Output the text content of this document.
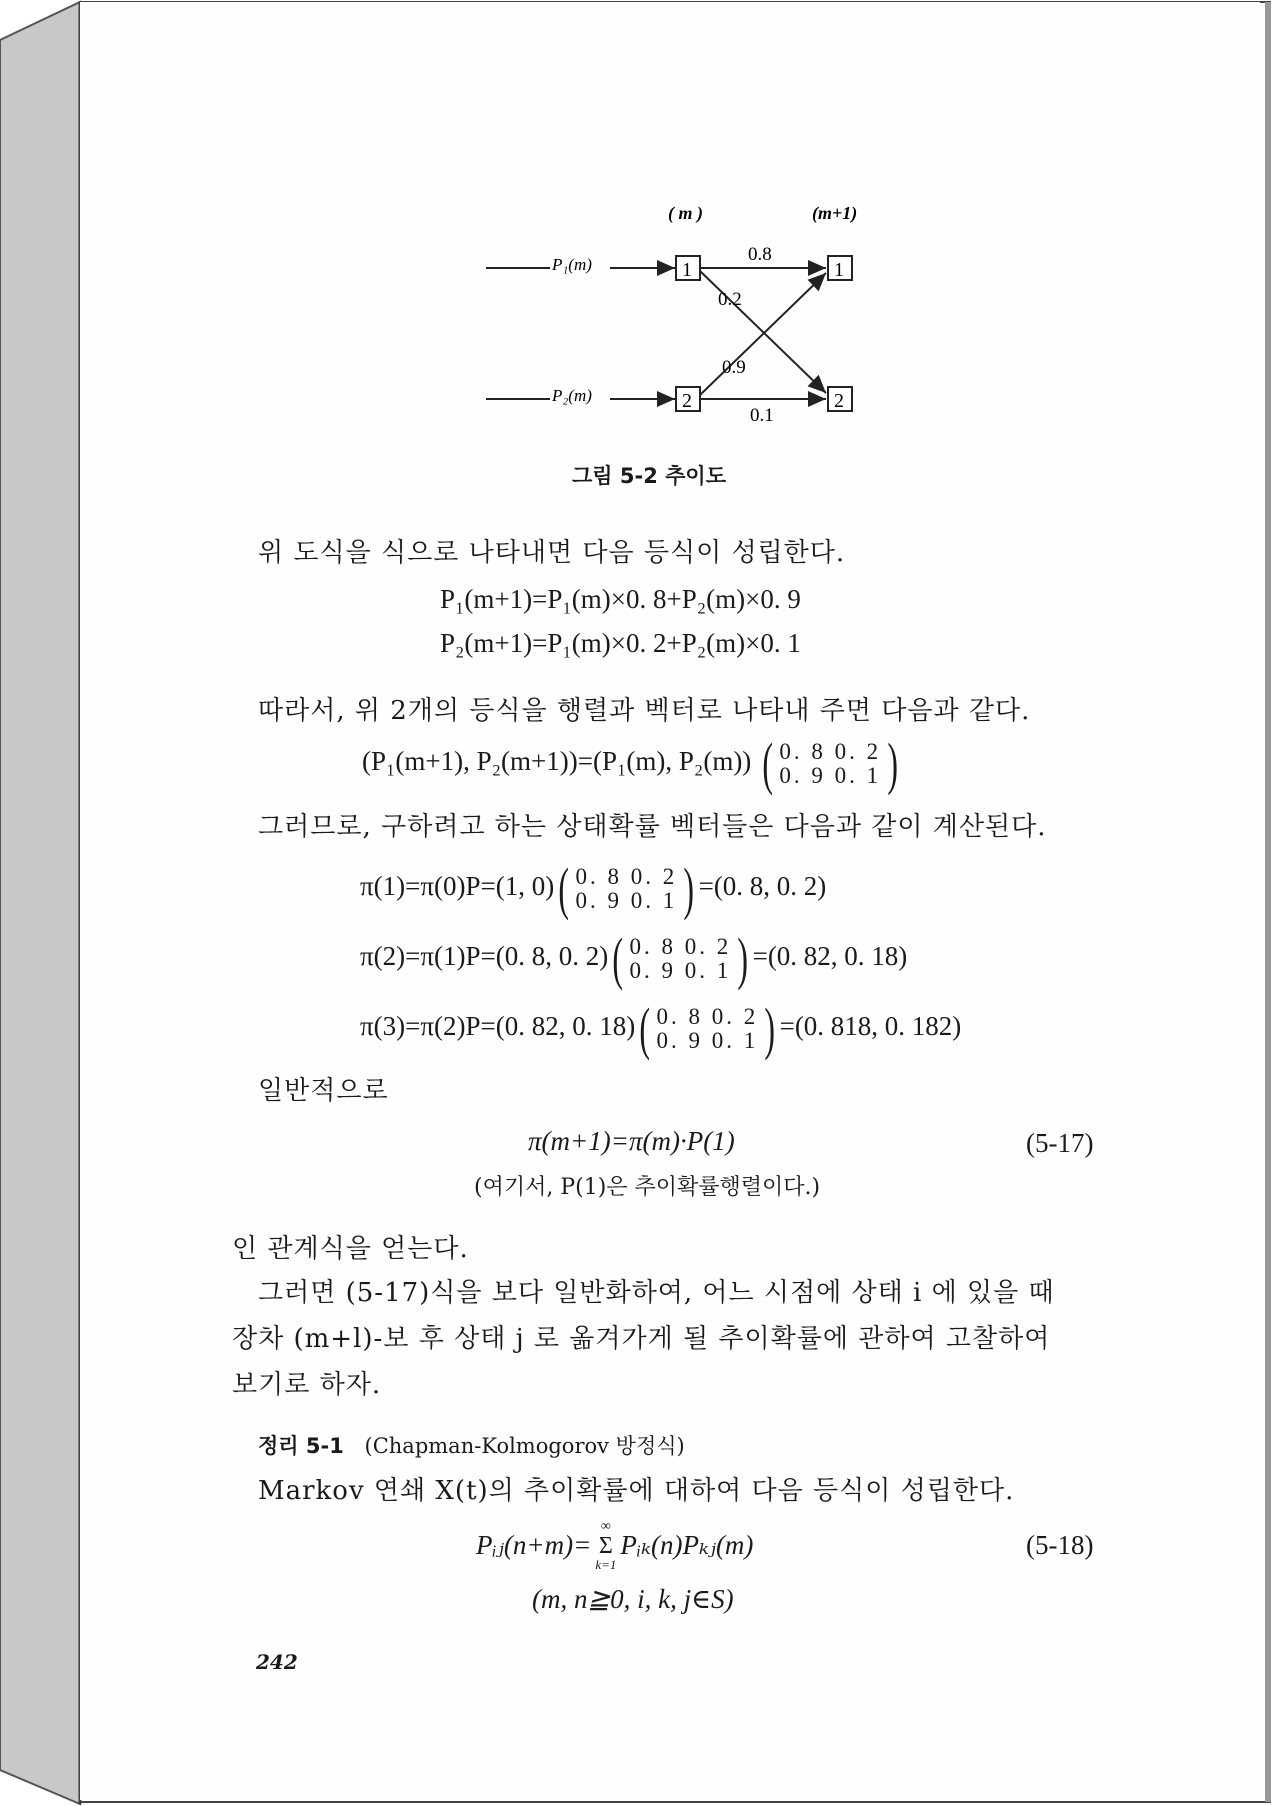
( m )	(m+1)
P₁(m)
P₂(m)
1
2
1
2
0.8
0.2
0.9
0.1
그림 5-2 추이도
위 도식을 식으로 나타내면 다음 등식이 성립한다.
P₁(m+1)=P₁(m)×0. 8+P₂(m)×0. 9
P₂(m+1)=P₁(m)×0. 2+P₂(m)×0. 1
따라서, 위 2개의 등식을 행렬과 벡터로 나타내 주면 다음과 같다.
(P₁(m+1), P₂(m+1))=(P₁(m), P₂(m)) ( 0. 8 0. 2
0. 9 0. 1 )
그러므로, 구하려고 하는 상태확률 벡터들은 다음과 같이 계산된다.
π(1)=π(0)P=(1, 0) ( 0. 8 0. 2
0. 9 0. 1 ) =(0. 8, 0. 2)
π(2)=π(1)P=(0. 8, 0. 2) ( 0. 8 0. 2
0. 9 0. 1 ) =(0. 82, 0. 18)
π(3)=π(2)P=(0. 82, 0. 18) ( 0. 8 0. 2
0. 9 0. 1 ) =(0. 818, 0. 182)
일반적으로
π(m+1)=π(m)·P(1)	(5-17)
(여기서, P(1)은 추이확률행렬이다.)
인 관계식을 얻는다.
그러면 (5-17)식을 보다 일반화하여, 어느 시점에 상태 i 에 있을 때
장차 (m+l)-보 후 상태 j 로 옮겨가게 될 추이확률에 관하여 고찰하여
보기로 하자.
정리 5-1 (Chapman-Kolmogorov 방정식)
Markov 연쇄 X(t)의 추이확률에 대하여 다음 등식이 성립한다.
Pᵢⱼ(n+m)=
∞
Σ
k=1
Pᵢₖ(n)Pₖⱼ(m)	(5-18)
(m, n≧0, i, k, j∈S)
242
